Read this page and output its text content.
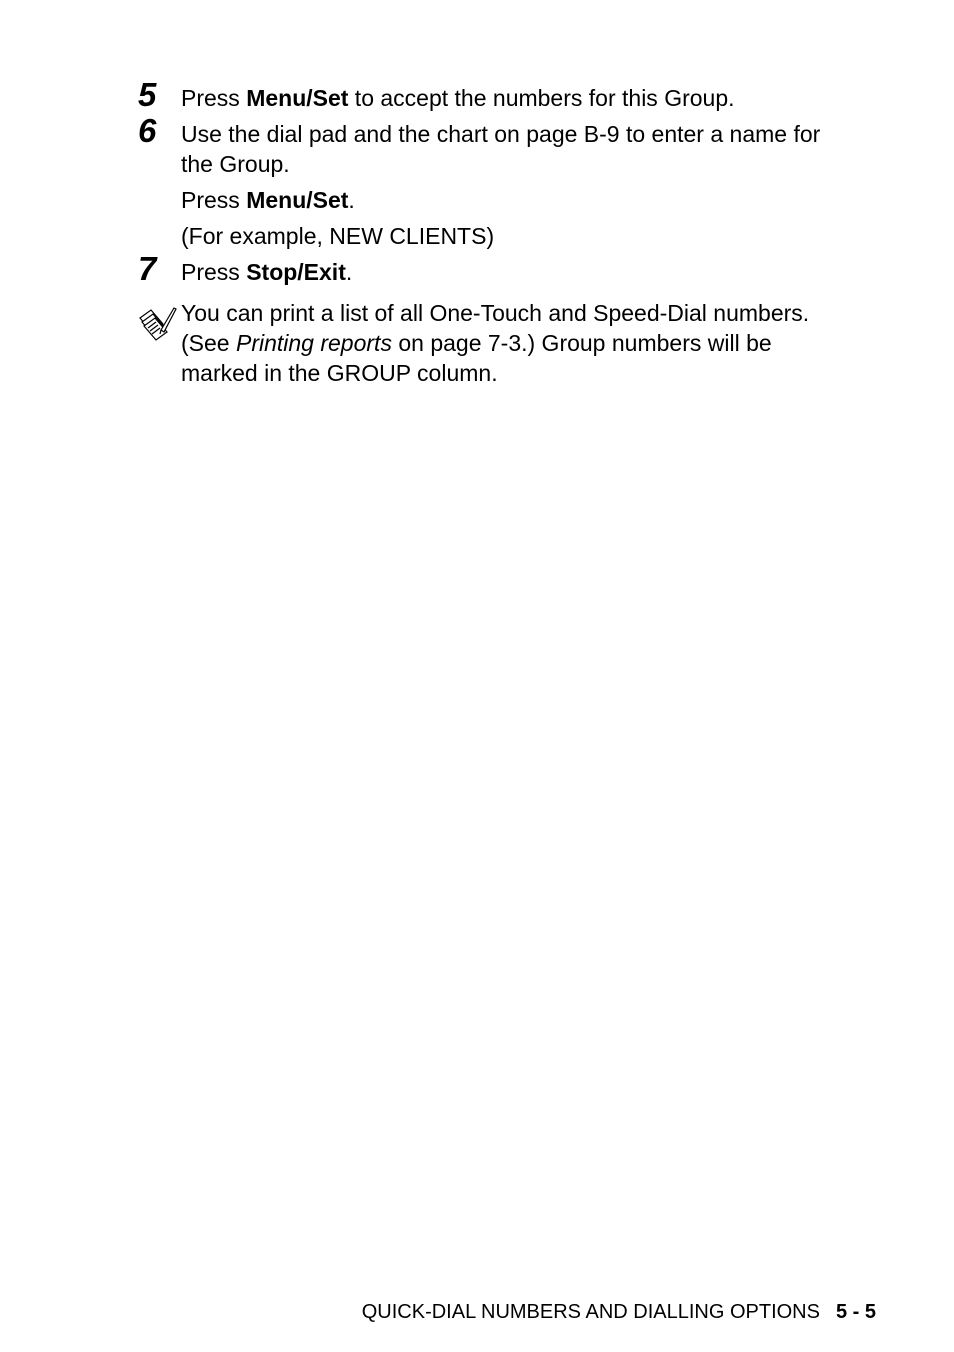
5 Press Menu/Set to accept the numbers for this Group.
6 Use the dial pad and the chart on page B-9 to enter a name for
the Group.
Press Menu/Set.
(For example, NEW CLIENTS)
7 Press Stop/Exit.
You can print a list of all One-Touch and Speed-Dial numbers.
(See Printing reports on page 7-3.) Group numbers will be
marked in the GROUP column.
QUICK-DIAL NUMBERS AND DIALLING OPTIONS 5 - 5
